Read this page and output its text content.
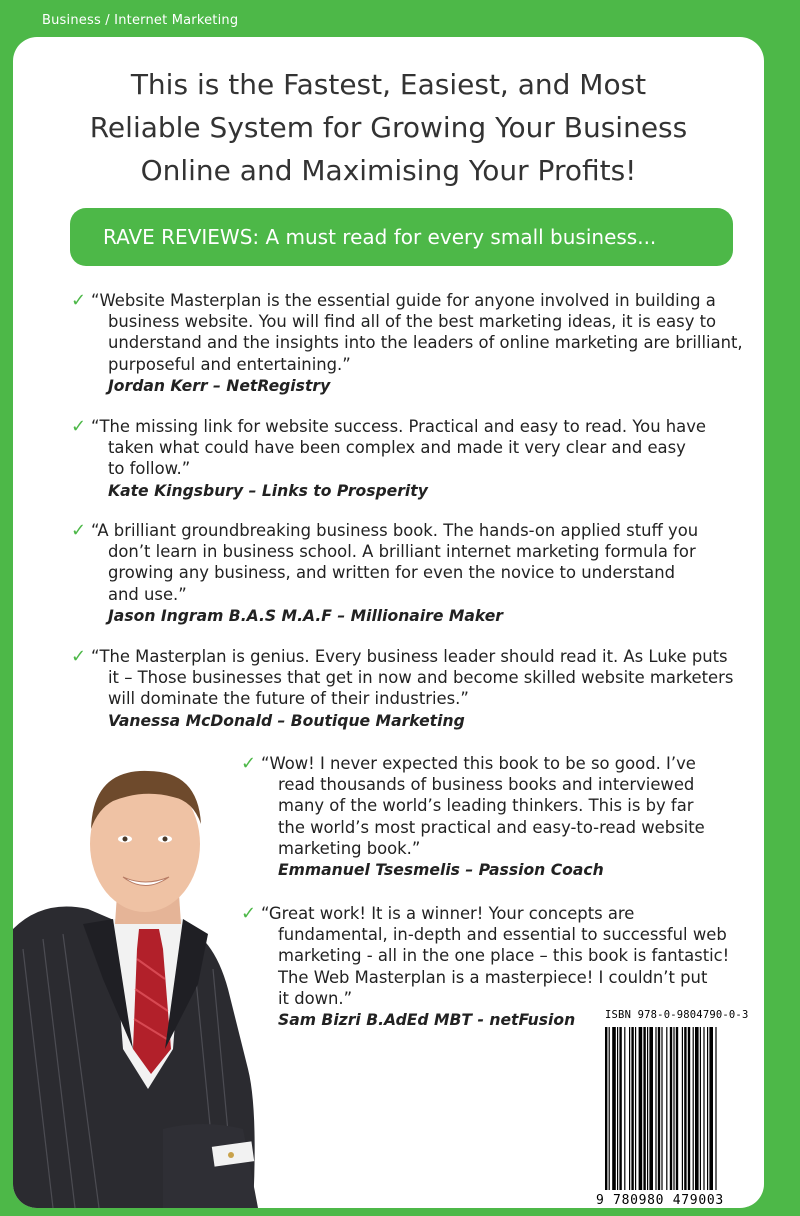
Business / Internet Marketing
This is the Fastest, Easiest, and Most
Reliable System for Growing Your Business
Online and Maximising Your Profits!
RAVE REVIEWS: A must read for every small business...
✓ “Website Masterplan is the essential guide for anyone involved in building a
business website. You will find all of the best marketing ideas, it is easy to
understand and the insights into the leaders of online marketing are brilliant,
purposeful and entertaining.”
Jordan Kerr – NetRegistry
✓ “The missing link for website success. Practical and easy to read. You have
taken what could have been complex and made it very clear and easy
to follow.”
Kate Kingsbury – Links to Prosperity
✓ “A brilliant groundbreaking business book. The hands-on applied stuff you
don’t learn in business school. A brilliant internet marketing formula for
growing any business, and written for even the novice to understand
and use.”
Jason Ingram B.A.S M.A.F – Millionaire Maker
✓ “The Masterplan is genius. Every business leader should read it. As Luke puts
it – Those businesses that get in now and become skilled website marketers
will dominate the future of their industries.”
Vanessa McDonald – Boutique Marketing
✓ “Wow! I never expected this book to be so good. I’ve
read thousands of business books and interviewed
many of the world’s leading thinkers. This is by far
the world’s most practical and easy-to-read website
marketing book.”
Emmanuel Tsesmelis – Passion Coach
✓ “Great work! It is a winner! Your concepts are
fundamental, in-depth and essential to successful web
marketing - all in the one place – this book is fantastic!
The Web Masterplan is a masterpiece! I couldn’t put
it down.”
Sam Bizri B.AdEd MBT - netFusion	ISBN 978-0-9804790-0-3
9 780980 479003
